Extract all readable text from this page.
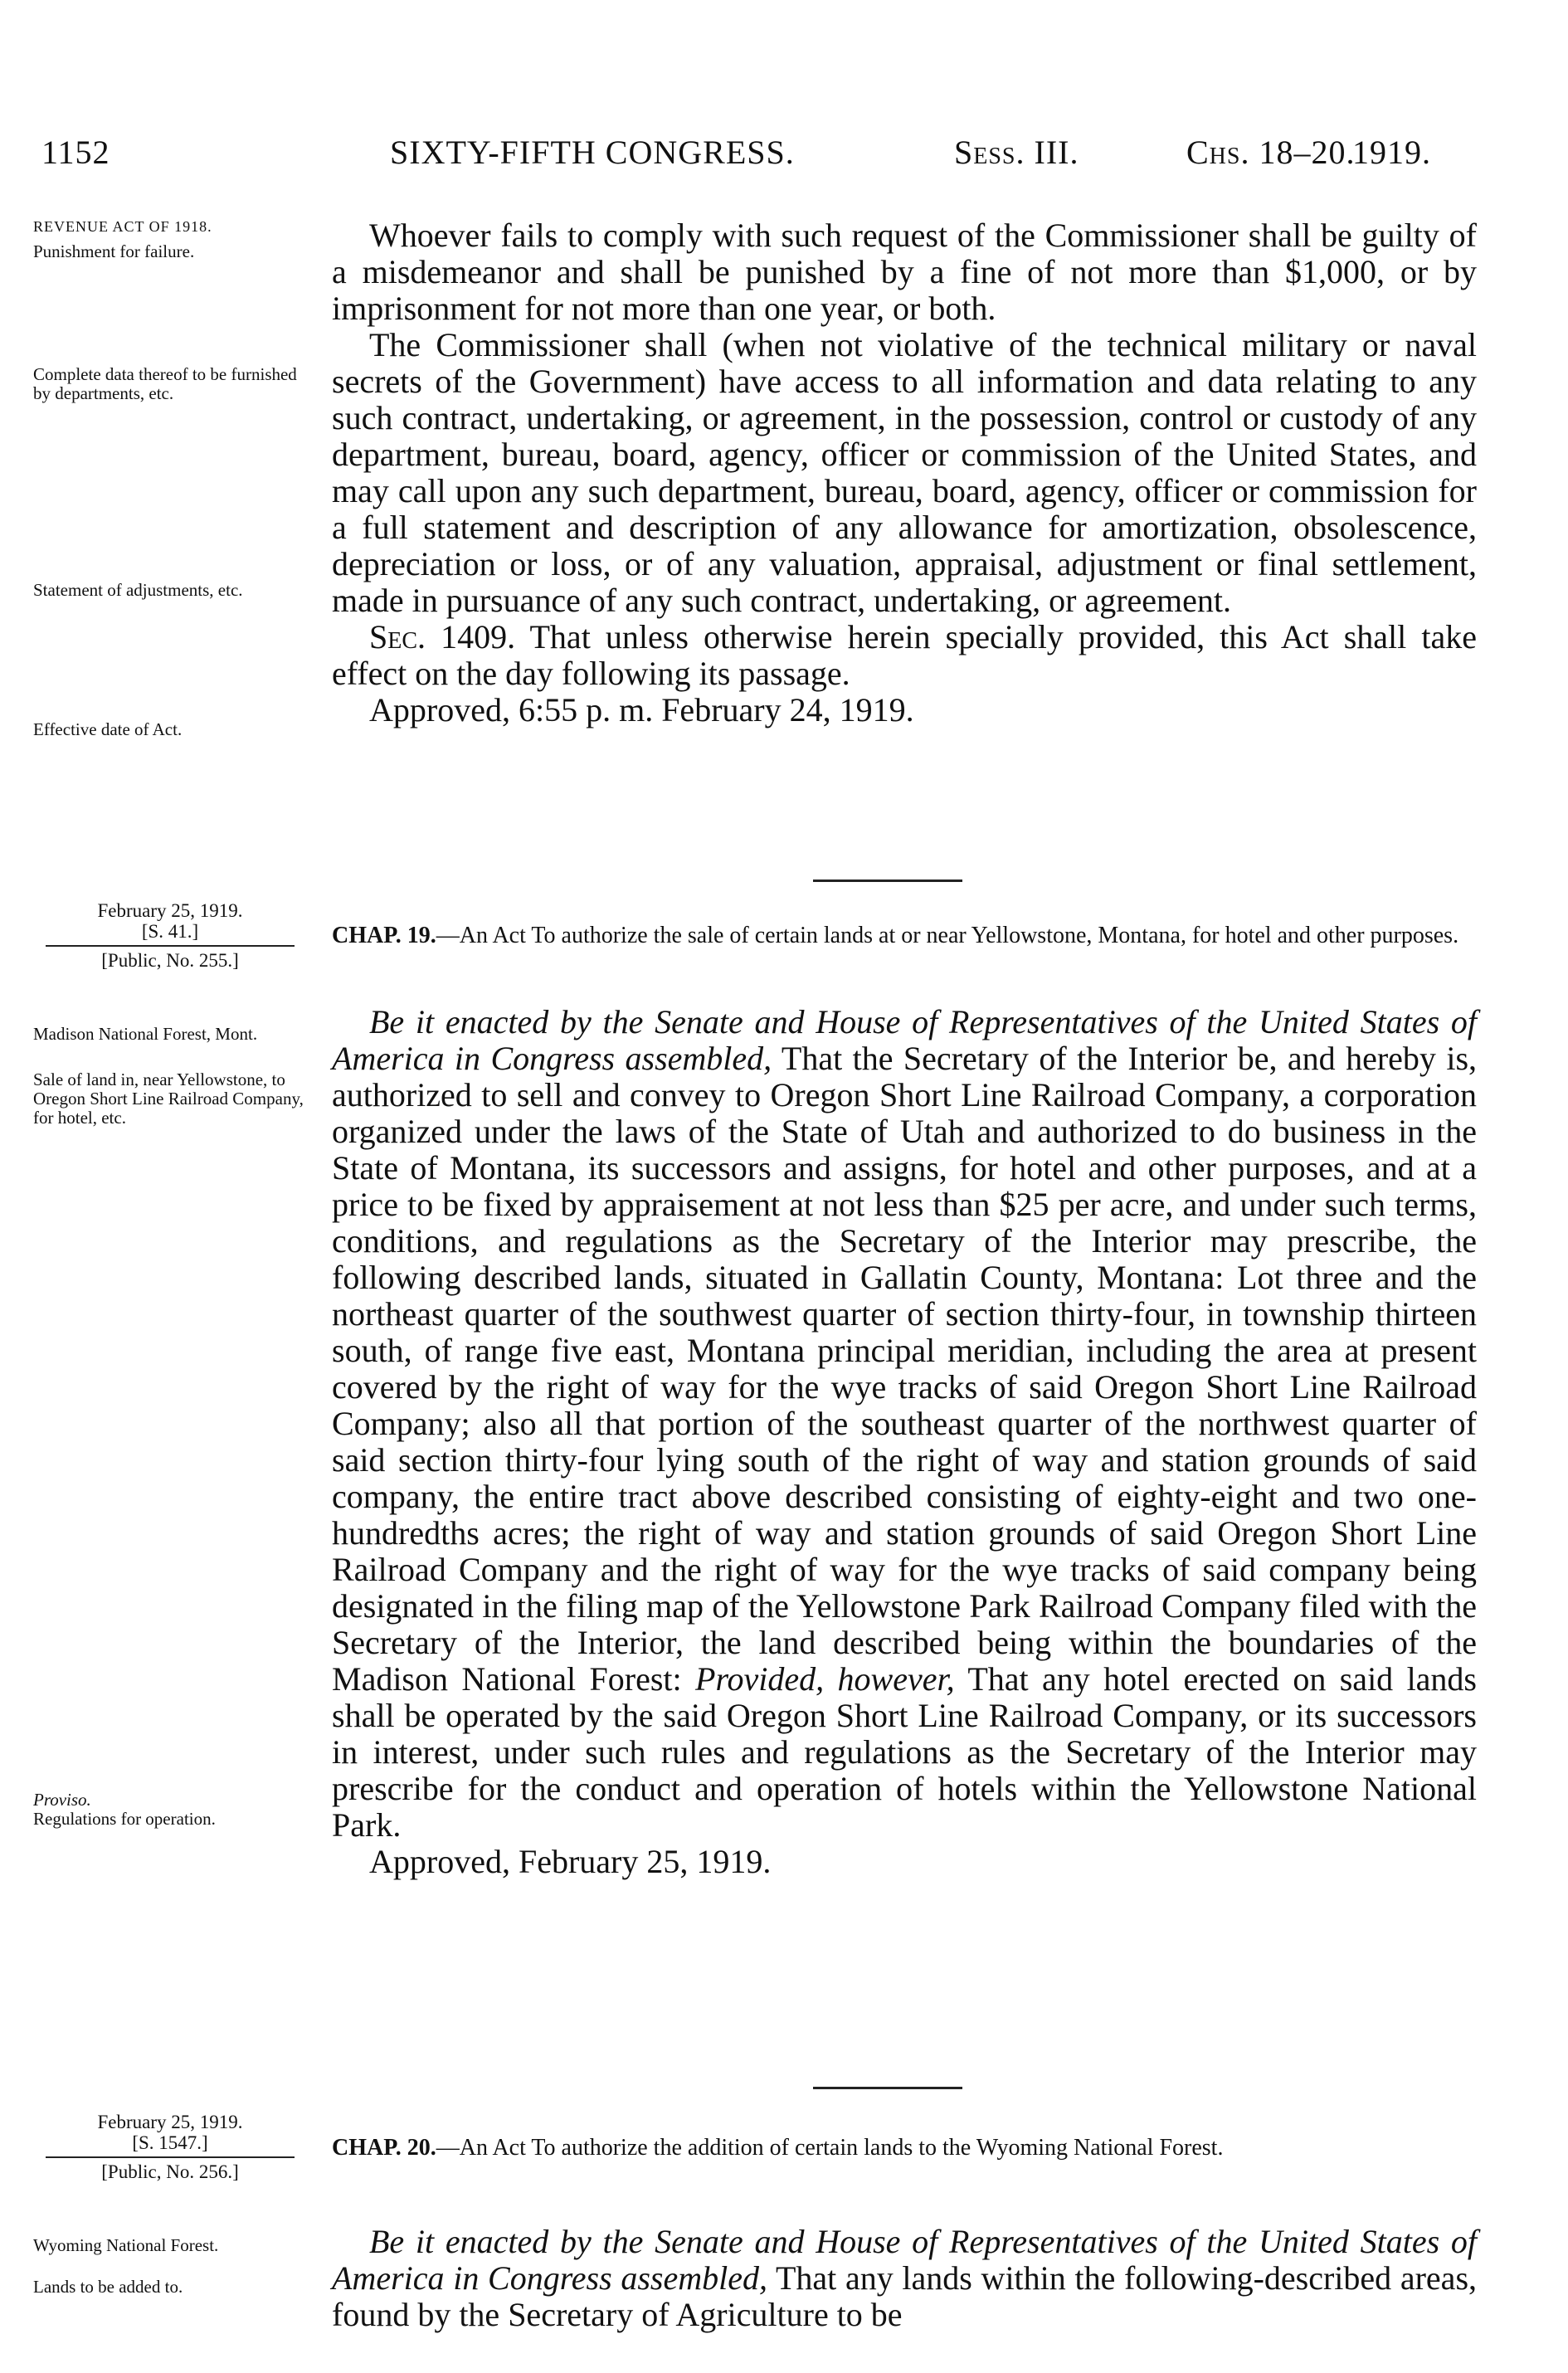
1152	SIXTY-FIFTH CONGRESS.	Sess. III.	Chs. 18–20.
1919.
REVENUE ACT OF 1918.
Punishment for failure.
Complete data thereof to be furnished by departments, etc.
Statement of adjustments, etc.
Effective date of Act.

Whoever fails to comply with such request of the Commissioner shall be guilty of a misdemeanor and shall be punished by a fine of not more than $1,000, or by imprisonment for not more than one year, or both.

The Commissioner shall (when not violative of the technical military or naval secrets of the Government) have access to all information and data relating to any such contract, undertaking, or agreement, in the possession, control or custody of any department, bureau, board, agency, officer or commission of the United States, and may call upon any such department, bureau, board, agency, officer or commission for a full statement and description of any allowance for amortization, obsolescence, depreciation or loss, or of any valuation, appraisal, adjustment or final settlement, made in pursuance of any such contract, undertaking, or agreement.

Sec. 1409. That unless otherwise herein specially provided, this Act shall take effect on the day following its passage.

Approved, 6:55 p. m. February 24, 1919.

February 25, 1919.
[S. 41.]
[Public, No. 255.]
CHAP. 19.—An Act To authorize the sale of certain lands at or near Yellowstone, Montana, for hotel and other purposes.
Madison National Forest, Mont.
Sale of land in, near Yellowstone, to Oregon Short Line Railroad Company, for hotel, etc.

Be it enacted by the Senate and House of Representatives of the United States of America in Congress assembled, That the Secretary of the Interior be, and hereby is, authorized to sell and convey to Oregon Short Line Railroad Company, a corporation organized under the laws of the State of Utah and authorized to do business in the State of Montana, its successors and assigns, for hotel and other purposes, and at a price to be fixed by appraisement at not less than $25 per acre, and under such terms, conditions, and regulations as the Secretary of the Interior may prescribe, the following described lands, situated in Gallatin County, Montana: Lot three and the northeast quarter of the southwest quarter of section thirty-four, in township thirteen south, of range five east, Montana principal meridian, including the area at present covered by the right of way for the wye tracks of said Oregon Short Line Railroad Company; also all that portion of the southeast quarter of the northwest quarter of said section thirty-four lying south of the right of way and station grounds of said company, the entire tract above described consisting of eighty-eight and two one-hundredths acres; the right of way and station grounds of said Oregon Short Line Railroad Company and the right of way for the wye tracks of said company being designated in the filing map of the Yellowstone Park Railroad Company filed with the Secretary of the Interior, the land described being within the boundaries of the Madison National Forest: Provided, however, That any hotel erected on said lands shall be operated by the said Oregon Short Line Railroad Company, or its successors in interest, under such rules and regulations as the Secretary of the Interior may prescribe for the conduct and operation of hotels within the Yellowstone National Park.

Approved, February 25, 1919.

Proviso.
Regulations for operation.
February 25, 1919.
[S. 1547.]
[Public, No. 256.]
CHAP. 20.—An Act To authorize the addition of certain lands to the Wyoming National Forest.
Wyoming National Forest.
Lands to be added to.

Be it enacted by the Senate and House of Representatives of the United States of America in Congress assembled, That any lands within the following-described areas, found by the Secretary of Agriculture to be
